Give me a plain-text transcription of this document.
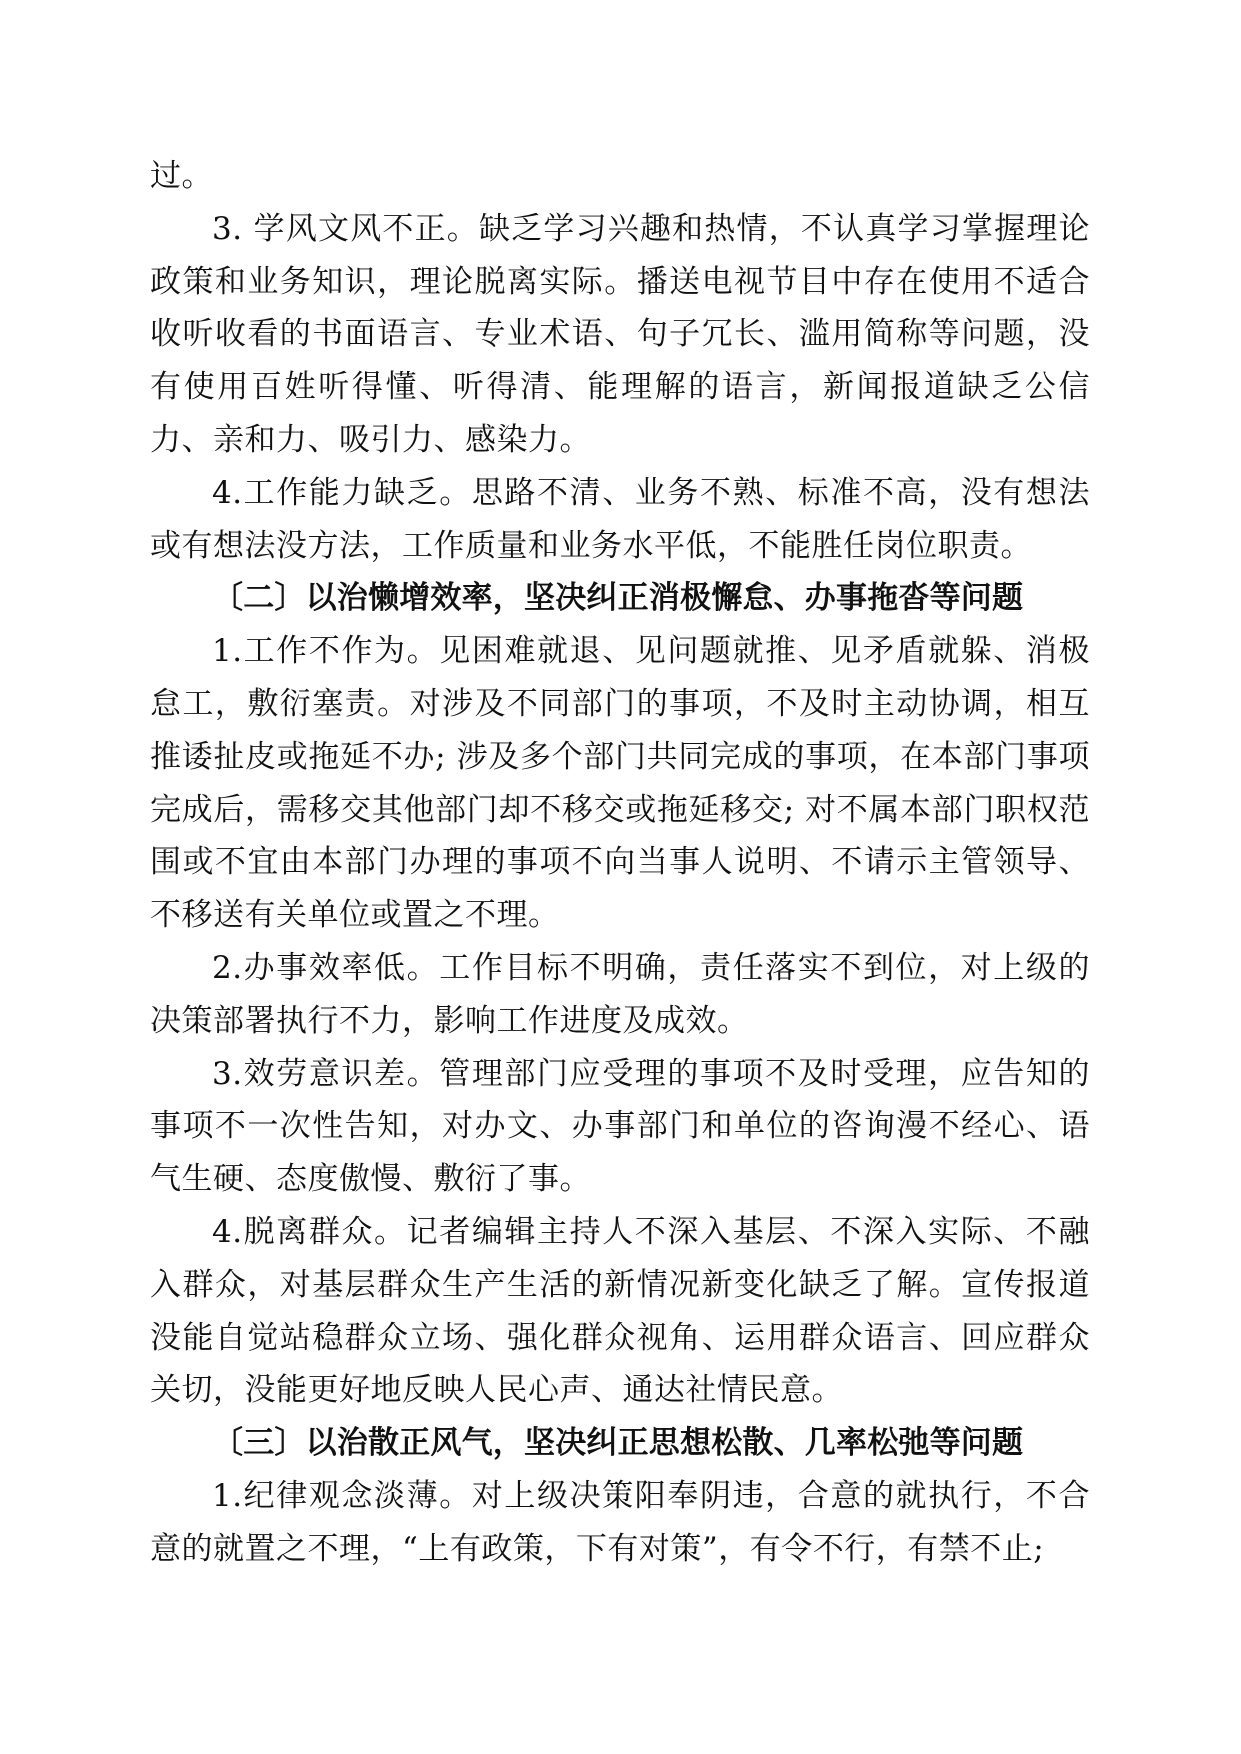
过。

3. 学风文风不正。缺乏学习兴趣和热情，不认真学习掌握理论政策和业务知识，理论脱离实际。播送电视节目中存在使用不适合收听收看的书面语言、专业术语、句子冗长、滥用简称等问题，没有使用百姓听得懂、听得清、能理解的语言，新闻报道缺乏公信力、亲和力、吸引力、感染力。

4.工作能力缺乏。思路不清、业务不熟、标准不高，没有想法或有想法没方法，工作质量和业务水平低，不能胜任岗位职责。

〔二〕以治懒增效率，坚决纠正消极懈怠、办事拖沓等问题

1.工作不作为。见困难就退、见问题就推、见矛盾就躲、消极怠工，敷衍塞责。对涉及不同部门的事项，不及时主动协调，相互推诿扯皮或拖延不办; 涉及多个部门共同完成的事项，在本部门事项完成后，需移交其他部门却不移交或拖延移交; 对不属本部门职权范围或不宜由本部门办理的事项不向当事人说明、不请示主管领导、不移送有关单位或置之不理。

2.办事效率低。工作目标不明确，责任落实不到位，对上级的决策部署执行不力，影响工作进度及成效。

3.效劳意识差。管理部门应受理的事项不及时受理，应告知的事项不一次性告知，对办文、办事部门和单位的咨询漫不经心、语气生硬、态度傲慢、敷衍了事。

4.脱离群众。记者编辑主持人不深入基层、不深入实际、不融入群众，对基层群众生产生活的新情况新变化缺乏了解。宣传报道没能自觉站稳群众立场、强化群众视角、运用群众语言、回应群众关切，没能更好地反映人民心声、通达社情民意。

〔三〕以治散正风气，坚决纠正思想松散、几率松弛等问题

1.纪律观念淡薄。对上级决策阳奉阴违，合意的就执行，不合意的就置之不理，“上有政策，下有对策”，有令不行，有禁不止;
